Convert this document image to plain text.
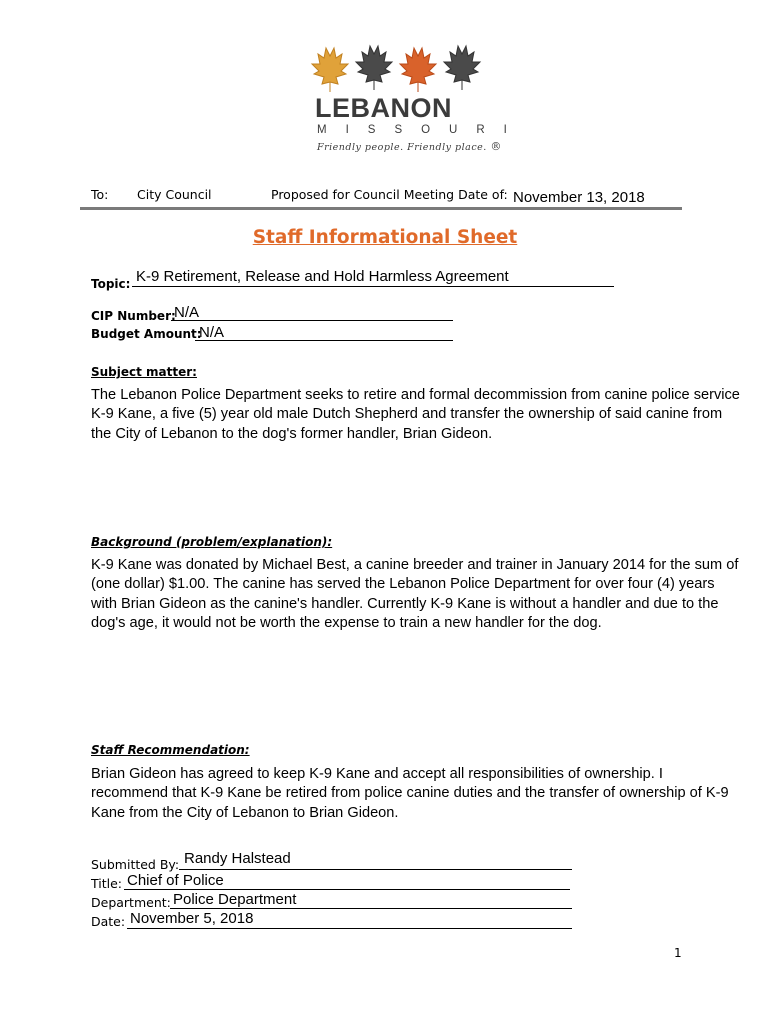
LEBANON
MISSOURI
Friendly people. Friendly place. ®
To: City Council	Proposed for Council Meeting Date of: November 13, 2018
Staff Informational Sheet
Topic: K-9 Retirement, Release and Hold Harmless Agreement
CIP Number:
N/A
Budget Amount:
N/A
Subject matter:
The Lebanon Police Department seeks to retire and formal decommission from canine police service
K-9 Kane, a five (5) year old male Dutch Shepherd and transfer the ownership of said canine from
the City of Lebanon to the dog's former handler, Brian Gideon.
Background (problem/explanation):
K-9 Kane was donated by Michael Best, a canine breeder and trainer in January 2014 for the sum of
(one dollar) $1.00. The canine has served the Lebanon Police Department for over four (4) years
with Brian Gideon as the canine's handler. Currently K-9 Kane is without a handler and due to the
dog's age, it would not be worth the expense to train a new handler for the dog.
Staff Recommendation:
Brian Gideon has agreed to keep K-9 Kane and accept all responsibilities of ownership. I
recommend that K-9 Kane be retired from police canine duties and the transfer of ownership of K-9
Kane from the City of Lebanon to Brian Gideon.
Submitted By: Randy Halstead
Title: Chief of Police
Department: Police Department
Date: November 5, 2018
1
